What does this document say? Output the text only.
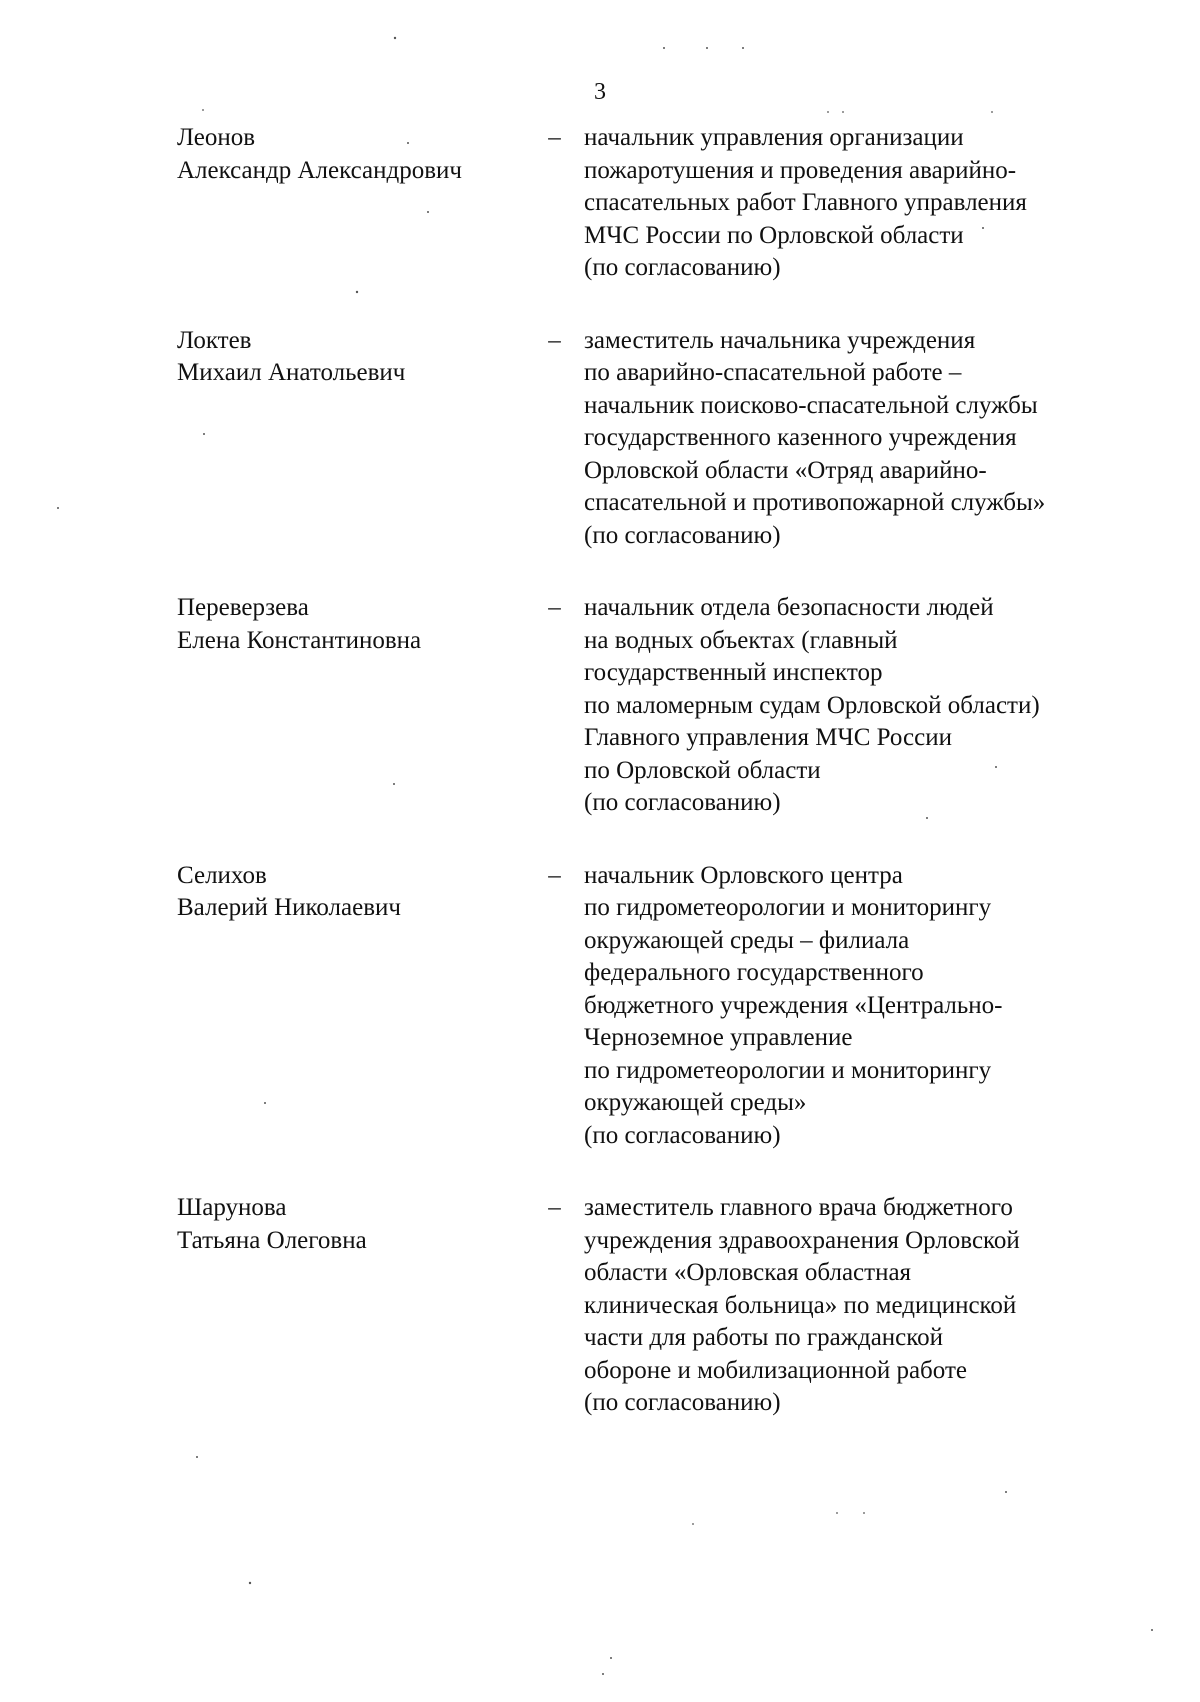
3
Леонов
Александр Александрович
– начальник управления организации
пожаротушения и проведения аварийно-
спасательных работ Главного управления
МЧС России по Орловской области
(по согласованию)
Локтев
Михаил Анатольевич
– заместитель начальника учреждения
по аварийно-спасательной работе –
начальник поисково-спасательной службы
государственного казенного учреждения
Орловской области «Отряд аварийно-
спасательной и противопожарной службы»
(по согласованию)
Переверзева
Елена Константиновна
– начальник отдела безопасности людей
на водных объектах (главный
государственный инспектор
по маломерным судам Орловской области)
Главного управления МЧС России
по Орловской области
(по согласованию)
Селихов
Валерий Николаевич
– начальник Орловского центра
по гидрометеорологии и мониторингу
окружающей среды – филиала
федерального государственного
бюджетного учреждения «Центрально-
Черноземное управление
по гидрометеорологии и мониторингу
окружающей среды»
(по согласованию)
Шарунова
Татьяна Олеговна
– заместитель главного врача бюджетного
учреждения здравоохранения Орловской
области «Орловская областная
клиническая больница» по медицинской
части для работы по гражданской
обороне и мобилизационной работе
(по согласованию)
